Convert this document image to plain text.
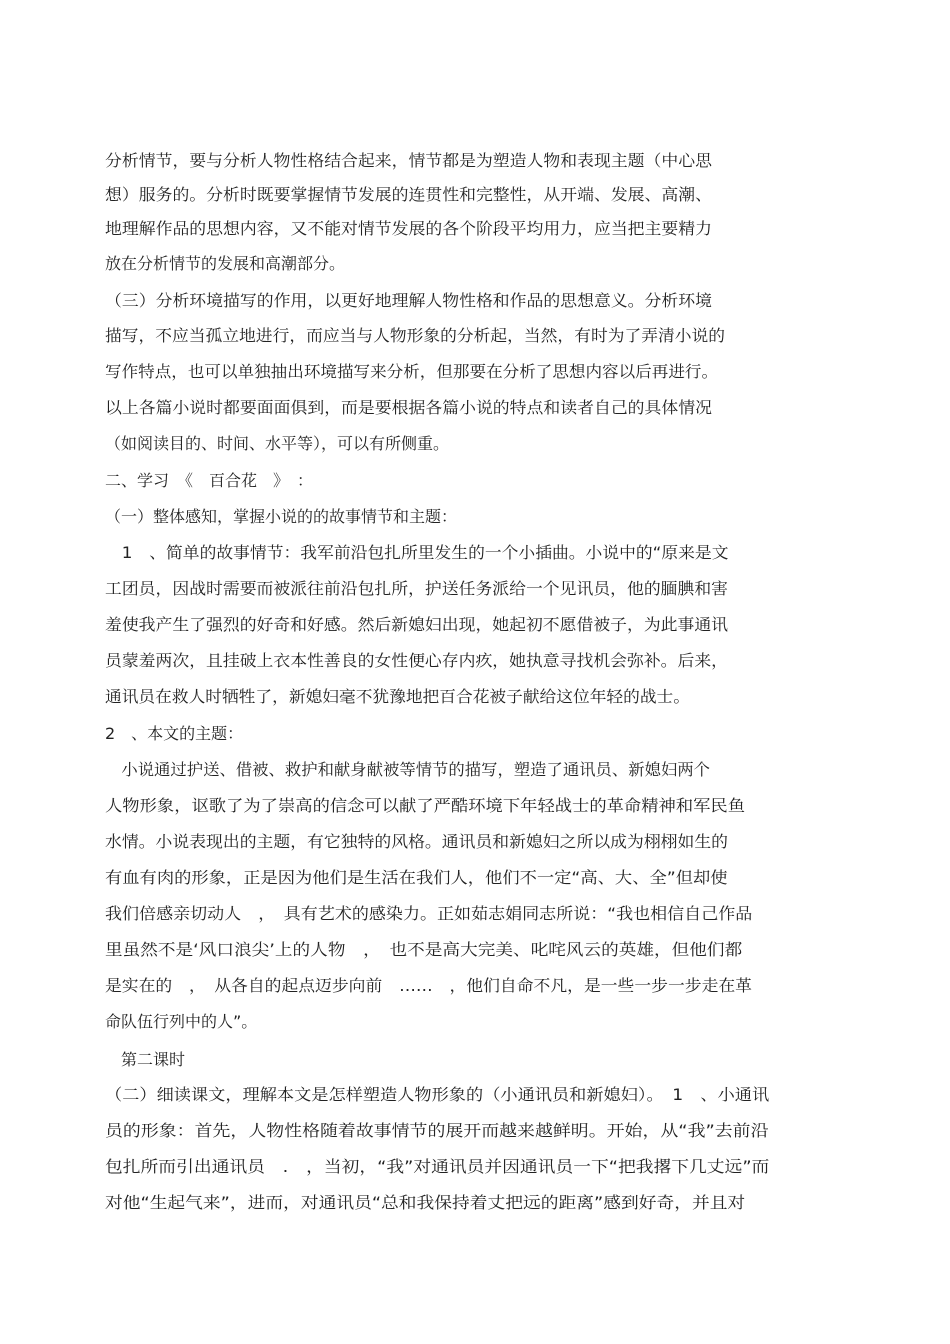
分析情节，要与分析人物性格结合起来，情节都是为塑造人物和表现主题（中心思
想）服务的。分析时既要掌握情节发展的连贯性和完整性，从开端、发展、高潮、
地理解作品的思想内容，又不能对情节发展的各个阶段平均用力，应当把主要精力
放在分析情节的发展和高潮部分。
（三）分析环境描写的作用，以更好地理解人物性格和作品的思想意义。分析环境
描写，不应当孤立地进行，而应当与人物形象的分析起，当然，有时为了弄清小说的
写作特点，也可以单独抽出环境描写来分析，但那要在分析了思想内容以后再进行。
以上各篇小说时都要面面俱到，而是要根据各篇小说的特点和读者自己的具体情况
（如阅读目的、时间、水平等），可以有所侧重。
二、学习　《　百合花　》　：
（一）整体感知，掌握小说的的故事情节和主题：
　1　、简单的故事情节：我军前沿包扎所里发生的一个小插曲。小说中的“原来是文
工团员，因战时需要而被派往前沿包扎所，护送任务派给一个见讯员，他的腼腆和害
羞使我产生了强烈的好奇和好感。然后新媳妇出现，她起初不愿借被子，为此事通讯
员蒙羞两次，且挂破上衣本性善良的女性便心存内疚，她执意寻找机会弥补。后来，
通讯员在救人时牺牲了，新媳妇毫不犹豫地把百合花被子献给这位年轻的战士。
2　、本文的主题：
　小说通过护送、借被、救护和献身献被等情节的描写，塑造了通讯员、新媳妇两个
人物形象，讴歌了为了崇高的信念可以献了严酷环境下年轻战士的革命精神和军民鱼
水情。小说表现出的主题，有它独特的风格。通讯员和新媳妇之所以成为栩栩如生的
有血有肉的形象，正是因为他们是生活在我们人，他们不一定“高、大、全”但却使
我们倍感亲切动人　，　具有艺术的感染力。正如茹志娟同志所说：“我也相信自己作品
里虽然不是‘风口浪尖’上的人物　，　也不是高大完美、叱咤风云的英雄，但他们都
是实在的　，　从各自的起点迈步向前　……　，他们自命不凡，是一些一步一步走在革
命队伍行列中的人”。
　第二课时
（二）细读课文，理解本文是怎样塑造人物形象的（小通讯员和新媳妇）。　1　、小通讯
员的形象：首先，人物性格随着故事情节的展开而越来越鲜明。开始，从“我”去前沿
包扎所而引出通讯员　.　，当初，“我”对通讯员并因通讯员一下“把我撂下几丈远”而
对他“生起气来”，进而，对通讯员“总和我保持着丈把远的距离”感到好奇，并且对
